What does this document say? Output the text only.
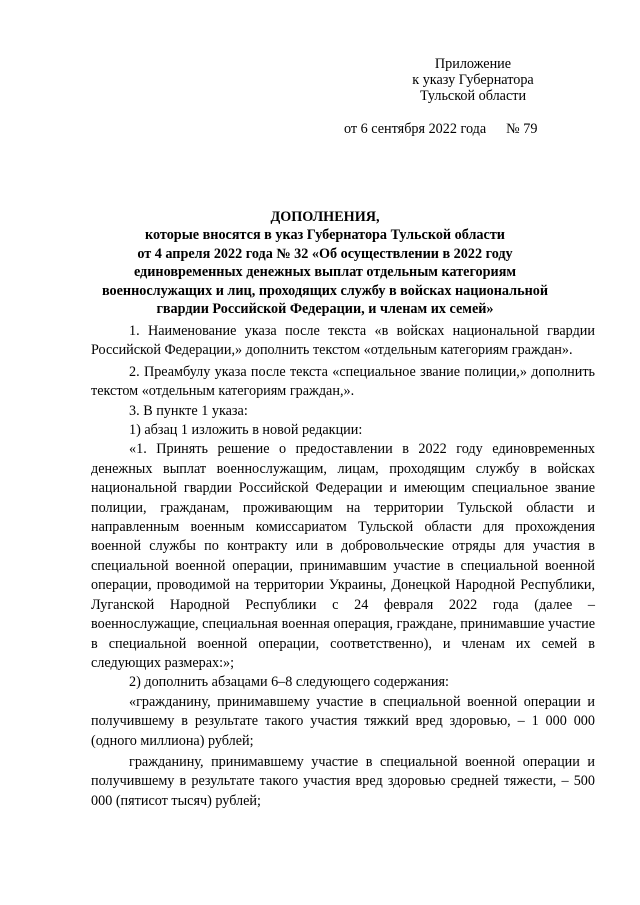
Приложение
к указу Губернатора
Тульской области
от 6 сентября 2022 года № 79
ДОПОЛНЕНИЯ,
которые вносятся в указ Губернатора Тульской области
от 4 апреля 2022 года № 32 «Об осуществлении в 2022 году
единовременных денежных выплат отдельным категориям
военнослужащих и лиц, проходящих службу в войсках национальной
гвардии Российской Федерации, и членам их семей»

1. Наименование указа после текста «в войсках национальной гвардии Российской Федерации,» дополнить текстом «отдельным категориям граждан».

2. Преамбулу указа после текста «специальное звание полиции,» дополнить текстом «отдельным категориям граждан,».

3. В пункте 1 указа:

1) абзац 1 изложить в новой редакции:

«1. Принять решение о предоставлении в 2022 году единовременных денежных выплат военнослужащим, лицам, проходящим службу в войсках национальной гвардии Российской Федерации и имеющим специальное звание полиции, гражданам, проживающим на территории Тульской области и направленным военным комиссариатом Тульской области для прохождения военной службы по контракту или в добровольческие отряды для участия в специальной военной операции, принимавшим участие в специальной военной операции, проводимой на территории Украины, Донецкой Народной Республики, Луганской Народной Республики с 24 февраля 2022 года (далее – военнослужащие, специальная военная операция, граждане, принимавшие участие в специальной военной операции, соответственно), и членам их семей в следующих размерах:»;

2) дополнить абзацами 6–8 следующего содержания:

«гражданину, принимавшему участие в специальной военной операции и получившему в результате такого участия тяжкий вред здоровью, – 1 000 000 (одного миллиона) рублей;

гражданину, принимавшему участие в специальной военной операции и получившему в результате такого участия вред здоровью средней тяжести, – 500 000 (пятисот тысяч) рублей;
